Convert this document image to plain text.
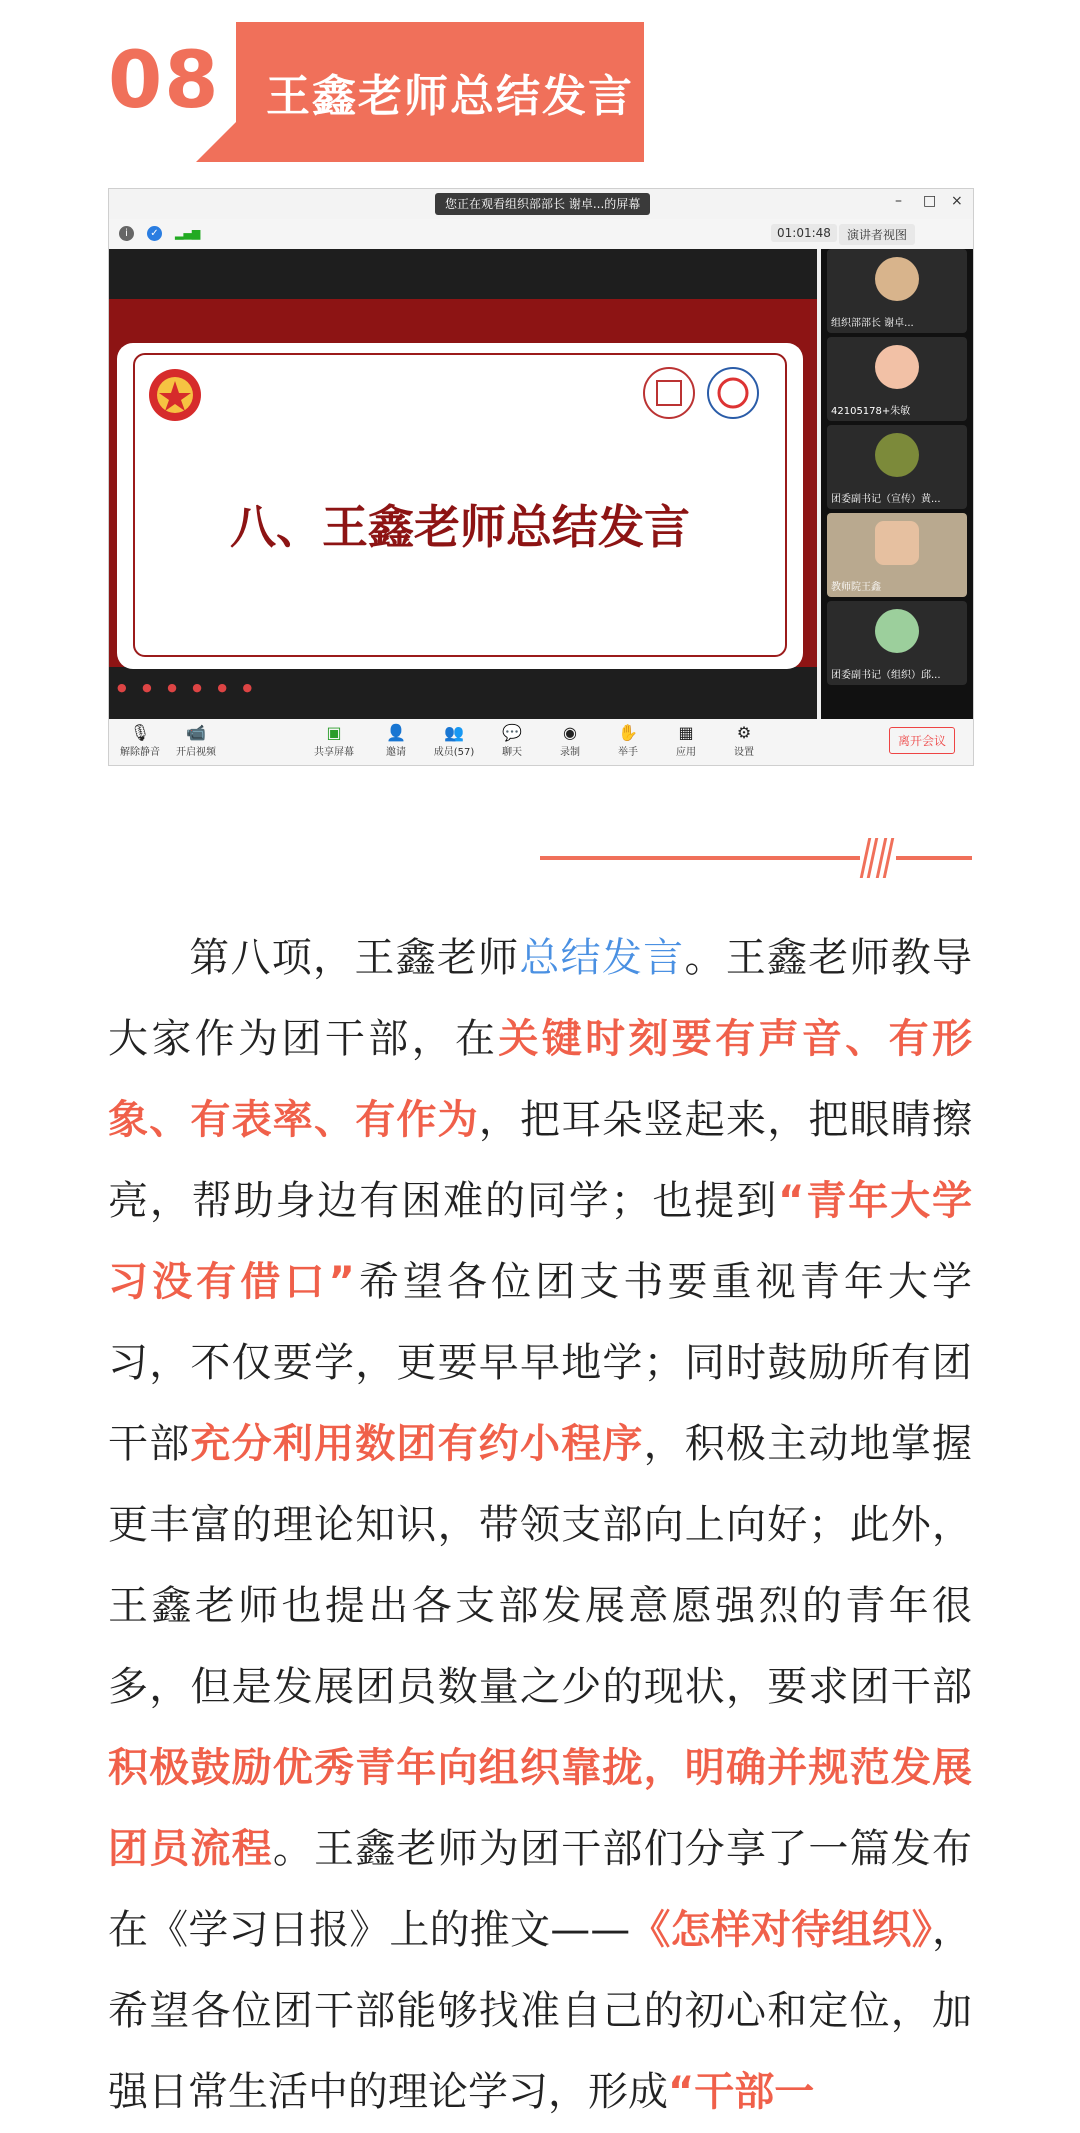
08 王鑫老师总结发言
您正在观看组织部部长 谢卓...的屏幕	– □ ×
i	✓	▂▄▆	01:01:48	演讲者视图
八、王鑫老师总结发言
● ● ● ● ● ●
组织部部长 谢卓...
42105178+朱敏
团委副书记（宣传）黄...
教师院王鑫
团委副书记（组织）邱...
🎙
解除静音
📹
开启视频
▣
共享屏幕
👤
邀请
👥
成员(57)
💬
聊天
◉
录制
✋
举手
▦
应用
⚙
设置
离开会议
第八项，王鑫老师总结发言。王鑫老师教导大家作为团干部，在关键时刻要有声音、有形象、有表率、有作为，把耳朵竖起来，把眼睛擦亮，帮助身边有困难的同学；也提到“青年大学习没有借口”希望各位团支书要重视青年大学习，不仅要学，更要早早地学；同时鼓励所有团干部充分利用数团有约小程序，积极主动地掌握更丰富的理论知识，带领支部向上向好；此外，王鑫老师也提出各支部发展意愿强烈的青年很多，但是发展团员数量之少的现状，要求团干部积极鼓励优秀青年向组织靠拢，明确并规范发展团员流程。王鑫老师为团干部们分享了一篇发布在《学习日报》上的推文——《怎样对待组织》，希望各位团干部能够找准自己的初心和定位，加强日常生活中的理论学习，形成“干部一
